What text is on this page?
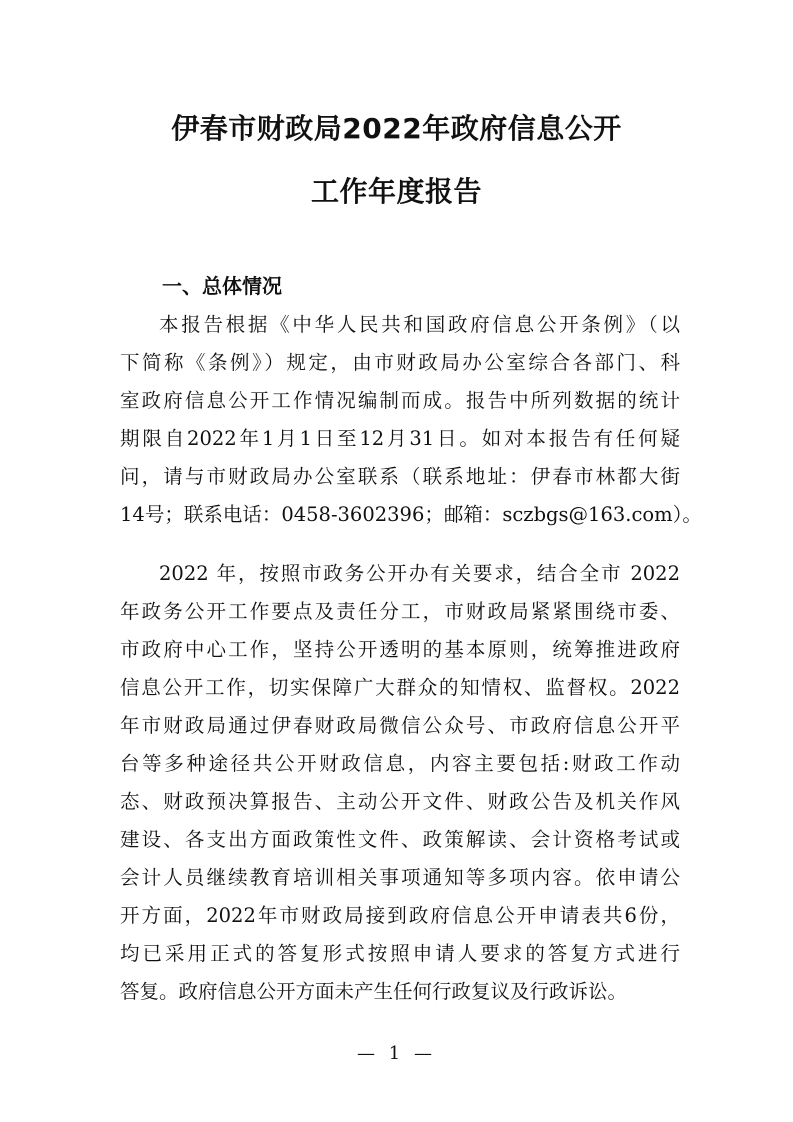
伊春市财政局2022年政府信息公开
工作年度报告
一、总体情况
本报告根据《中华人民共和国政府信息公开条例》（以
下简称《条例》）规定，由市财政局办公室综合各部门、科
室政府信息公开工作情况编制而成。报告中所列数据的统计
期限自2022年1月1日至12月31日。如对本报告有任何疑
问，请与市财政局办公室联系（联系地址：伊春市林都大街
14号；联系电话：0458-3602396；邮箱：sczbgs@163.com）。
2022 年，按照市政务公开办有关要求，结合全市 2022
年政务公开工作要点及责任分工，市财政局紧紧围绕市委、
市政府中心工作，坚持公开透明的基本原则，统筹推进政府
信息公开工作，切实保障广大群众的知情权、监督权。2022
年市财政局通过伊春财政局微信公众号、市政府信息公开平
台等多种途径共公开财政信息，内容主要包括:财政工作动
态、财政预决算报告、主动公开文件、财政公告及机关作风
建设、各支出方面政策性文件、政策解读、会计资格考试或
会计人员继续教育培训相关事项通知等多项内容。依申请公
开方面，2022年市财政局接到政府信息公开申请表共6份，
均已采用正式的答复形式按照申请人要求的答复方式进行
答复。政府信息公开方面未产生任何行政复议及行政诉讼。
— 1 —
